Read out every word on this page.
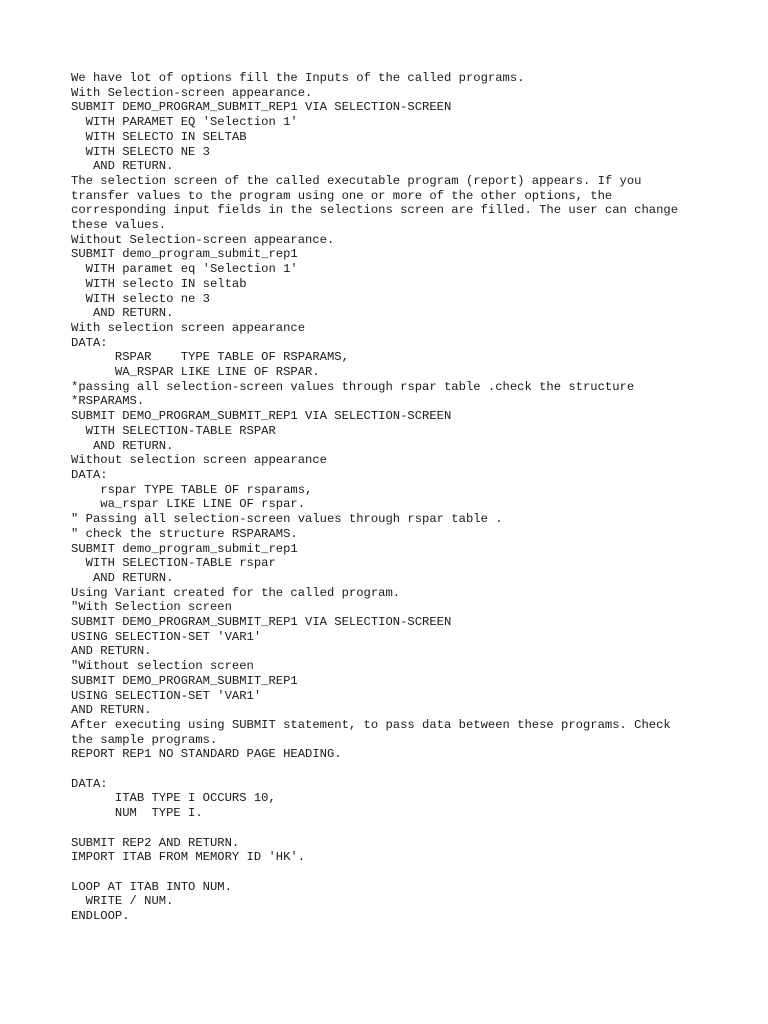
We have lot of options fill the Inputs of the called programs.
With Selection-screen appearance.
SUBMIT DEMO_PROGRAM_SUBMIT_REP1 VIA SELECTION-SCREEN
WITH PARAMET EQ 'Selection 1'
WITH SELECTO IN SELTAB
WITH SELECTO NE 3
AND RETURN.
The selection screen of the called executable program (report) appears. If you
transfer values to the program using one or more of the other options, the
corresponding input fields in the selections screen are filled. The user can change
these values.
Without Selection-screen appearance.
SUBMIT demo_program_submit_rep1
WITH paramet eq 'Selection 1'
WITH selecto IN seltab
WITH selecto ne 3
AND RETURN.
With selection screen appearance
DATA:
RSPAR    TYPE TABLE OF RSPARAMS,
WA_RSPAR LIKE LINE OF RSPAR.
*passing all selection-screen values through rspar table .check the structure
*RSPARAMS.
SUBMIT DEMO_PROGRAM_SUBMIT_REP1 VIA SELECTION-SCREEN
WITH SELECTION-TABLE RSPAR
AND RETURN.
Without selection screen appearance
DATA:
rspar TYPE TABLE OF rsparams,
wa_rspar LIKE LINE OF rspar.
" Passing all selection-screen values through rspar table .
" check the structure RSPARAMS.
SUBMIT demo_program_submit_rep1
WITH SELECTION-TABLE rspar
AND RETURN.
Using Variant created for the called program.
"With Selection screen
SUBMIT DEMO_PROGRAM_SUBMIT_REP1 VIA SELECTION-SCREEN
USING SELECTION-SET 'VAR1'
AND RETURN.
"Without selection screen
SUBMIT DEMO_PROGRAM_SUBMIT_REP1
USING SELECTION-SET 'VAR1'
AND RETURN.
After executing using SUBMIT statement, to pass data between these programs. Check
the sample programs.
REPORT REP1 NO STANDARD PAGE HEADING.
DATA:
ITAB TYPE I OCCURS 10,
NUM  TYPE I.
SUBMIT REP2 AND RETURN.
IMPORT ITAB FROM MEMORY ID 'HK'.
LOOP AT ITAB INTO NUM.
WRITE / NUM.
ENDLOOP.
